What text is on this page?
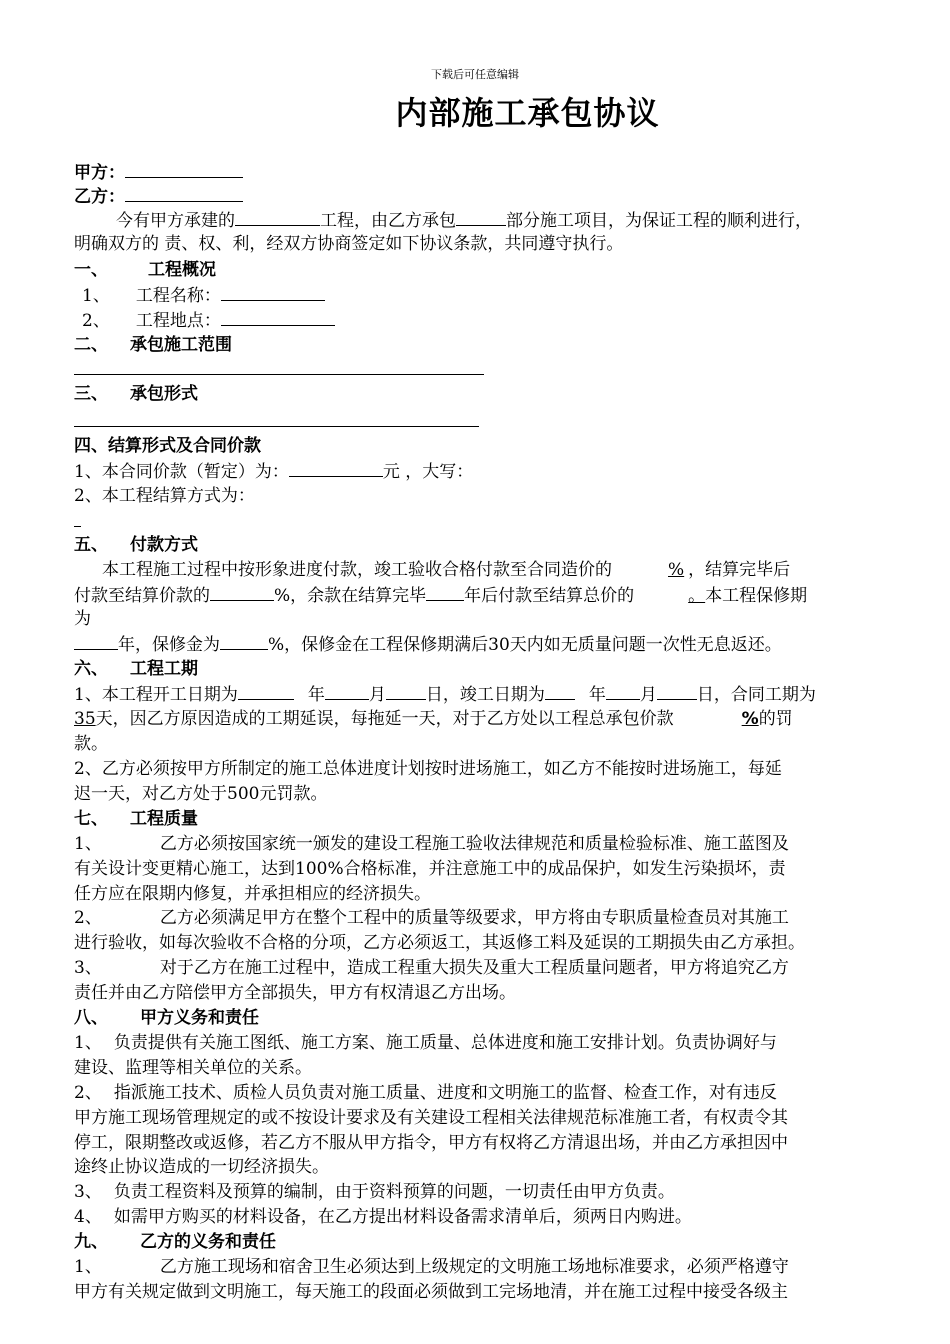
下载后可任意编辑
内部施工承包协议
甲方：
乙方：
今有甲方承建的	工程，由乙方承包	部分施工项目，为保证工程的顺利进行，
明确双方的 责、权、利，经双方协商签定如下协议条款，共同遵守执行。
一、 工程概况
1、 工程名称：
2、 工程地点：
二、 承包施工范围
三、 承包形式
四、结算形式及合同价款
1、本合同价款（暂定）为：	元 ，大写：
2、本工程结算方式为：
五、 付款方式
本工程施工过程中按形象进度付款，竣工验收合格付款至合同造价的	% ，结算完毕后
付款至结算价款的	%，余款在结算完毕 年后付款至结算总价的	。本工程保修期
为
年，保修金为	%，保修金在工程保修期满后30天内如无质量问题一次性无息返还。
六、 工程工期
1、本工程开工日期为	年	月 日，竣工日期为	年 月 日，合同工期为
35天，因乙方原因造成的工期延误，每拖延一天，对于乙方处以工程总承包价款	%的罚
款。
2、乙方必须按甲方所制定的施工总体进度计划按时进场施工，如乙方不能按时进场施工，每延
迟一天，对乙方处于500元罚款。
七、 工程质量
1、	乙方必须按国家统一颁发的建设工程施工验收法律规范和质量检验标准、施工蓝图及
有关设计变更精心施工，达到100%合格标准，并注意施工中的成品保护，如发生污染损坏，责
任方应在限期内修复，并承担相应的经济损失。
2、	乙方必须满足甲方在整个工程中的质量等级要求，甲方将由专职质量检查员对其施工
进行验收，如每次验收不合格的分项，乙方必须返工，其返修工料及延误的工期损失由乙方承担。
3、	对于乙方在施工过程中，造成工程重大损失及重大工程质量问题者，甲方将追究乙方
责任并由乙方陪偿甲方全部损失，甲方有权清退乙方出场。
八、 甲方义务和责任
1、 负责提供有关施工图纸、施工方案、施工质量、总体进度和施工安排计划。负责协调好与
建设、监理等相关单位的关系。
2、 指派施工技术、质检人员负责对施工质量、进度和文明施工的监督、检查工作，对有违反
甲方施工现场管理规定的或不按设计要求及有关建设工程相关法律规范标准施工者，有权责令其
停工，限期整改或返修，若乙方不服从甲方指令，甲方有权将乙方清退出场，并由乙方承担因中
途终止协议造成的一切经济损失。
3、 负责工程资料及预算的编制，由于资料预算的问题，一切责任由甲方负责。
4、 如需甲方购买的材料设备，在乙方提出材料设备需求清单后，须两日内购进。
九、 乙方的义务和责任
1、	乙方施工现场和宿舍卫生必须达到上级规定的文明施工场地标准要求，必须严格遵守
甲方有关规定做到文明施工，每天施工的段面必须做到工完场地清，并在施工过程中接受各级主
